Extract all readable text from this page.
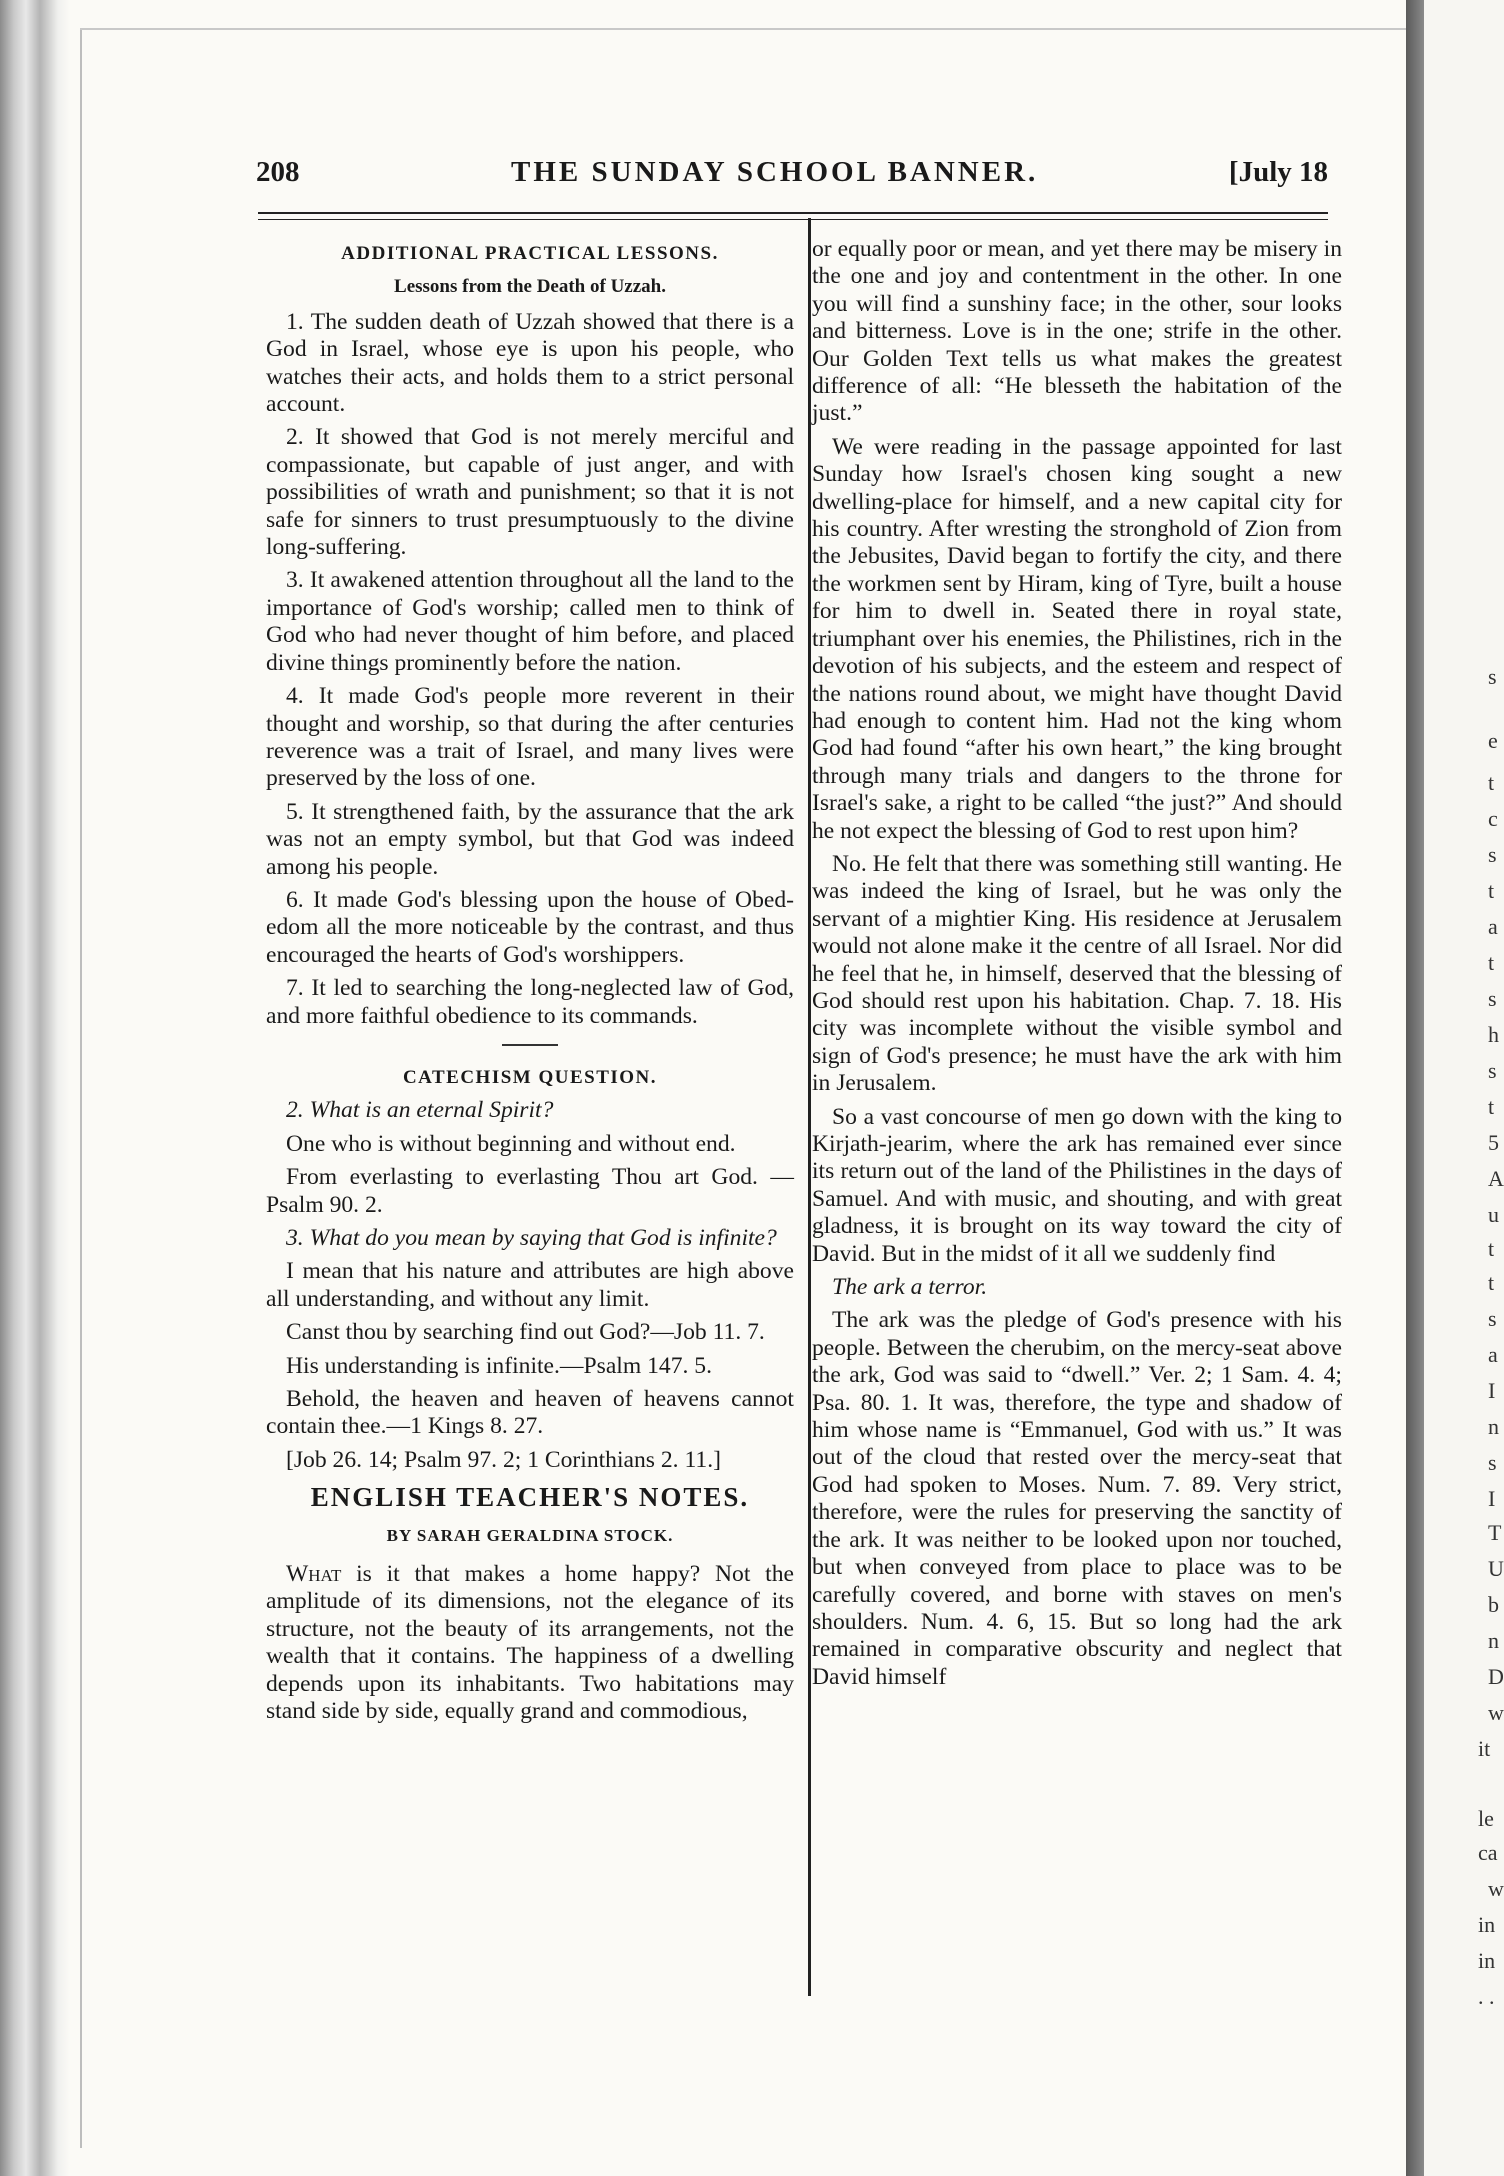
208	THE SUNDAY SCHOOL BANNER.	[July 18
ADDITIONAL PRACTICAL LESSONS.
Lessons from the Death of Uzzah.

1. The sudden death of Uzzah showed that there is a God in Israel, whose eye is upon his people, who watches their acts, and holds them to a strict personal account.

2. It showed that God is not merely merciful and compassionate, but capable of just anger, and with possibilities of wrath and punishment; so that it is not safe for sinners to trust presumptuously to the divine long-suffering.

3. It awakened attention throughout all the land to the importance of God's worship; called men to think of God who had never thought of him before, and placed divine things prominently before the nation.

4. It made God's people more reverent in their thought and worship, so that during the after centuries reverence was a trait of Israel, and many lives were preserved by the loss of one.

5. It strengthened faith, by the assurance that the ark was not an empty symbol, but that God was indeed among his people.

6. It made God's blessing upon the house of Obed-edom all the more noticeable by the contrast, and thus encouraged the hearts of God's worshippers.

7. It led to searching the long-neglected law of God, and more faithful obedience to its commands.

CATECHISM QUESTION.

2. What is an eternal Spirit?

One who is without beginning and without end.

From everlasting to everlasting Thou art God. —Psalm 90. 2.

3. What do you mean by saying that God is infinite?

I mean that his nature and attributes are high above all understanding, and without any limit.

Canst thou by searching find out God?—Job 11. 7.

His understanding is infinite.—Psalm 147. 5.

Behold, the heaven and heaven of heavens cannot contain thee.—1 Kings 8. 27.

[Job 26. 14; Psalm 97. 2; 1 Corinthians 2. 11.]

ENGLISH TEACHER'S NOTES.
BY SARAH GERALDINA STOCK.

What is it that makes a home happy? Not the amplitude of its dimensions, not the elegance of its structure, not the beauty of its arrangements, not the wealth that it contains. The happiness of a dwelling depends upon its inhabitants. Two habitations may stand side by side, equally grand and commodious,

or equally poor or mean, and yet there may be misery in the one and joy and contentment in the other. In one you will find a sunshiny face; in the other, sour looks and bitterness. Love is in the one; strife in the other. Our Golden Text tells us what makes the greatest difference of all: “He blesseth the habitation of the just.”

We were reading in the passage appointed for last Sunday how Israel's chosen king sought a new dwelling-place for himself, and a new capital city for his country. After wresting the stronghold of Zion from the Jebusites, David began to fortify the city, and there the workmen sent by Hiram, king of Tyre, built a house for him to dwell in. Seated there in royal state, triumphant over his enemies, the Philistines, rich in the devotion of his subjects, and the esteem and respect of the nations round about, we might have thought David had enough to content him. Had not the king whom God had found “after his own heart,” the king brought through many trials and dangers to the throne for Israel's sake, a right to be called “the just?” And should he not expect the blessing of God to rest upon him?

No. He felt that there was something still wanting. He was indeed the king of Israel, but he was only the servant of a mightier King. His residence at Jerusalem would not alone make it the centre of all Israel. Nor did he feel that he, in himself, deserved that the blessing of God should rest upon his habitation. Chap. 7. 18. His city was incomplete without the visible symbol and sign of God's presence; he must have the ark with him in Jerusalem.

So a vast concourse of men go down with the king to Kirjath-jearim, where the ark has remained ever since its return out of the land of the Philistines in the days of Samuel. And with music, and shouting, and with great gladness, it is brought on its way toward the city of David. But in the midst of it all we suddenly find

The ark a terror.

The ark was the pledge of God's presence with his people. Between the cherubim, on the mercy-seat above the ark, God was said to “dwell.” Ver. 2; 1 Sam. 4. 4; Psa. 80. 1. It was, therefore, the type and shadow of him whose name is “Emmanuel, God with us.” It was out of the cloud that rested over the mercy-seat that God had spoken to Moses. Num. 7. 89. Very strict, therefore, were the rules for preserving the sanctity of the ark. It was neither to be looked upon nor touched, but when conveyed from place to place was to be carefully covered, and borne with staves on men's shoulders. Num. 4. 6, 15. But so long had the ark remained in comparative obscurity and neglect that David himself

s
e
t
c
s
t
a
t
s
h
s
t
5
A
u
t
t
s
a
I
n
s
I
T
U
b
n
D
w
it
le
ca
w
in
in
. .
